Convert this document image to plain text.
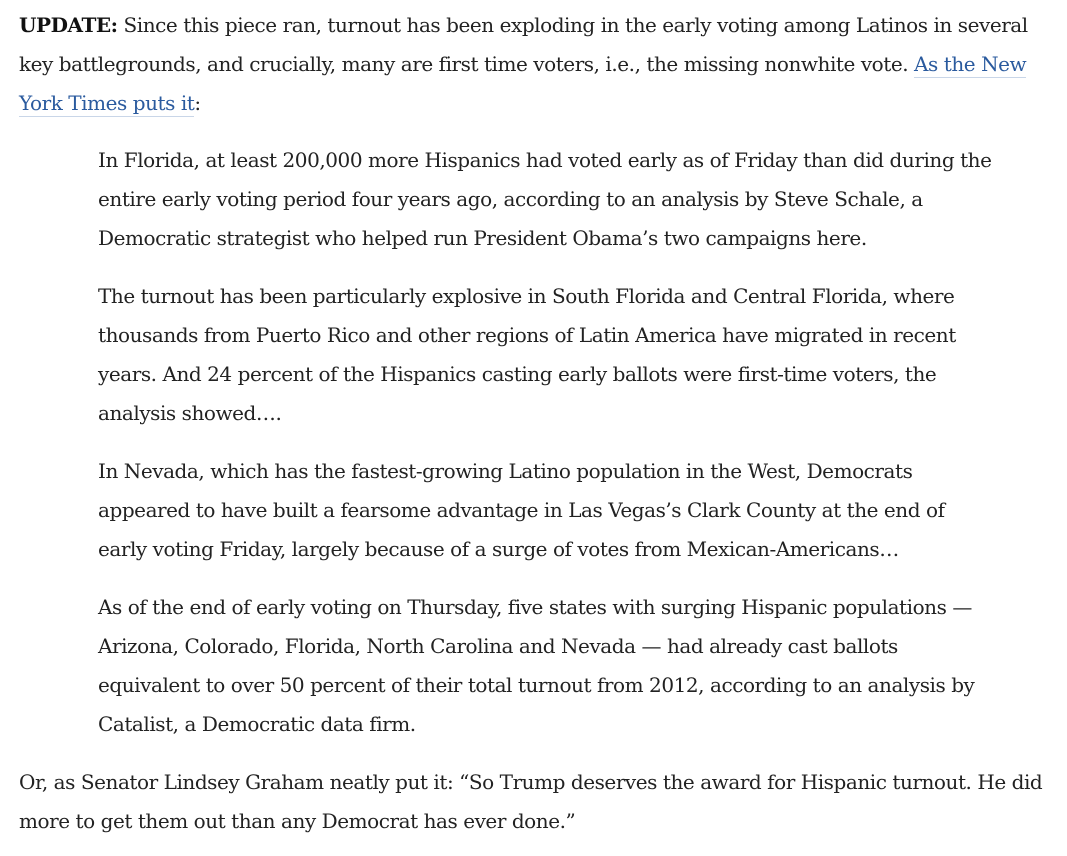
UPDATE: Since this piece ran, turnout has been exploding in the early voting among Latinos in several key battlegrounds, and crucially, many are first time voters, i.e., the missing nonwhite vote. As the New York Times puts it:

In Florida, at least 200,000 more Hispanics had voted early as of Friday than did during the entire early voting period four years ago, according to an analysis by Steve Schale, a Democratic strategist who helped run President Obama’s two campaigns here.

The turnout has been particularly explosive in South Florida and Central Florida, where thousands from Puerto Rico and other regions of Latin America have migrated in recent years. And 24 percent of the Hispanics casting early ballots were first-time voters, the analysis showed….

In Nevada, which has the fastest-growing Latino population in the West, Democrats appeared to have built a fearsome advantage in Las Vegas’s Clark County at the end of early voting Friday, largely because of a surge of votes from Mexican-Americans…

As of the end of early voting on Thursday, five states with surging Hispanic populations — Arizona, Colorado, Florida, North Carolina and Nevada — had already cast ballots equivalent to over 50 percent of their total turnout from 2012, according to an analysis by Catalist, a Democratic data firm.

Or, as Senator Lindsey Graham neatly put it: “So Trump deserves the award for Hispanic turnout. He did more to get them out than any Democrat has ever done.”
